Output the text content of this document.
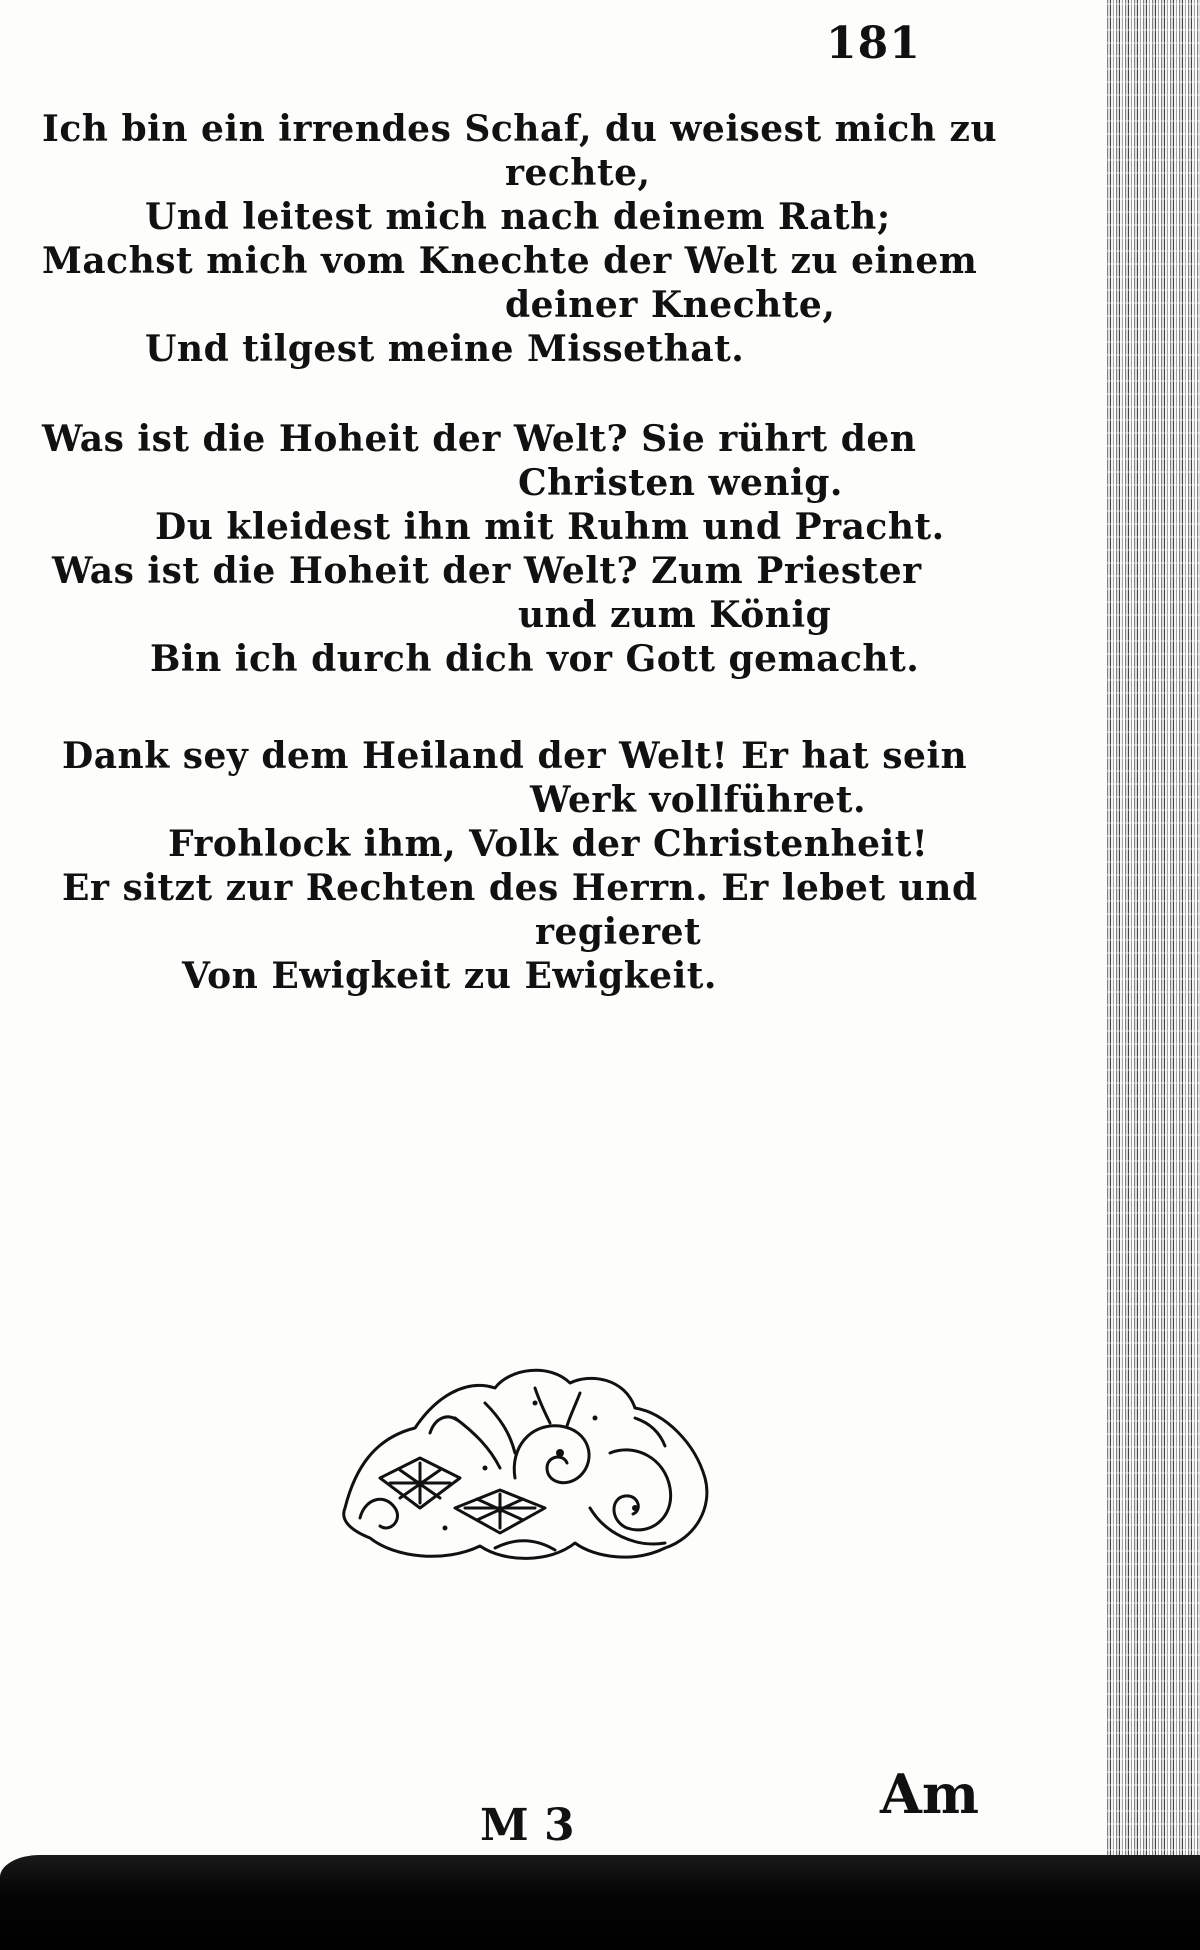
181
Ich bin ein irrendes Schaf, du weisest mich zu
rechte,
Und leitest mich nach deinem Rath;
Machst mich vom Knechte der Welt zu einem
deiner Knechte,
Und tilgest meine Missethat.
Was ist die Hoheit der Welt? Sie rührt den
Christen wenig.
Du kleidest ihn mit Ruhm und Pracht.
Was ist die Hoheit der Welt? Zum Priester
und zum König
Bin ich durch dich vor Gott gemacht.
Dank sey dem Heiland der Welt! Er hat sein
Werk vollführet.
Frohlock ihm, Volk der Christenheit!
Er sitzt zur Rechten des Herrn. Er lebet und
regieret
Von Ewigkeit zu Ewigkeit.
M 3	Am
